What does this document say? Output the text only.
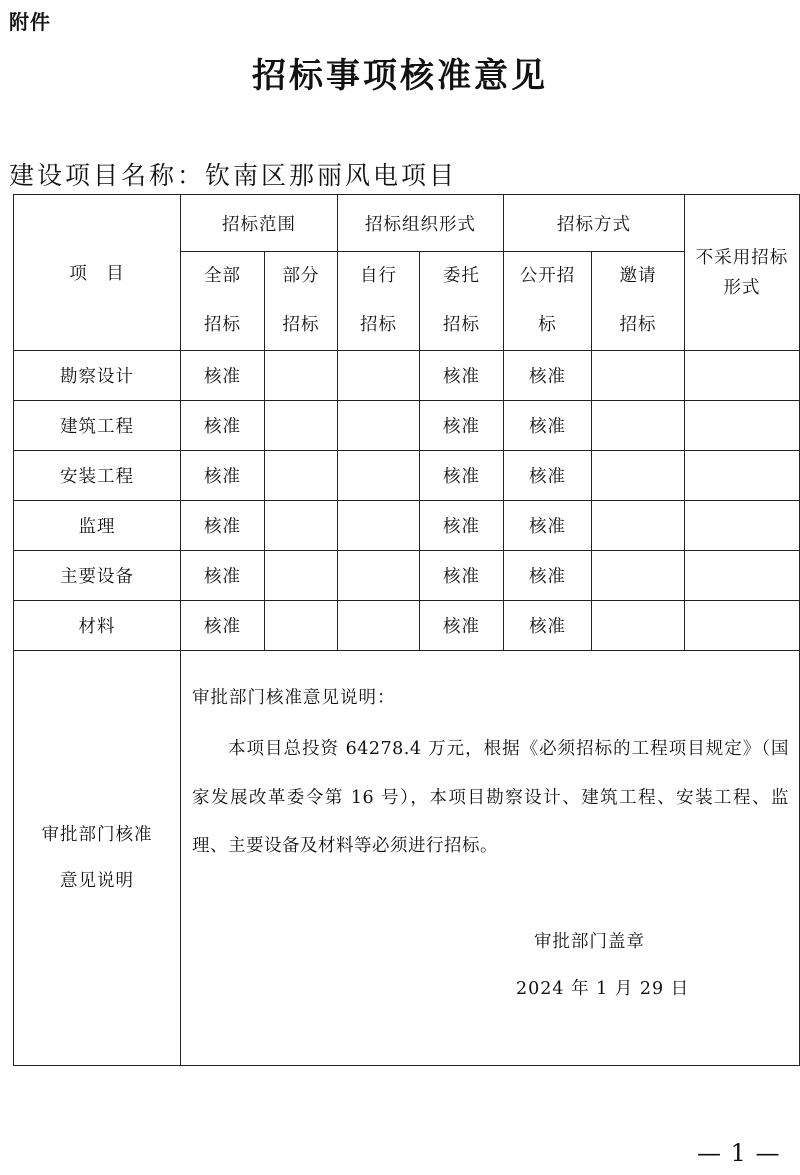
附件
招标事项核准意见
建设项目名称：钦南区那丽风电项目
项　目	招标范围		招标组织形式		招标方式		不采用招标形式
	全部招标	部分招标	自行招标	委托招标	公开招标	邀请招标	
勘察设计	核准			核准	核准		
建筑工程	核准			核准	核准		
安装工程	核准			核准	核准		
监理	核准			核准	核准		
主要设备	核准			核准	核准		
材料	核准			核准	核准		
审批部门核准意见说明	审批部门核准意见说明：
本项目总投资 64278.4 万元，根据《必须招标的工程项目规定》（国家发展改革委令第 16 号），本项目勘察设计、建筑工程、安装工程、监理、主要设备及材料等必须进行招标。
审批部门盖章
2024 年 1 月 29 日						
— 1 —
